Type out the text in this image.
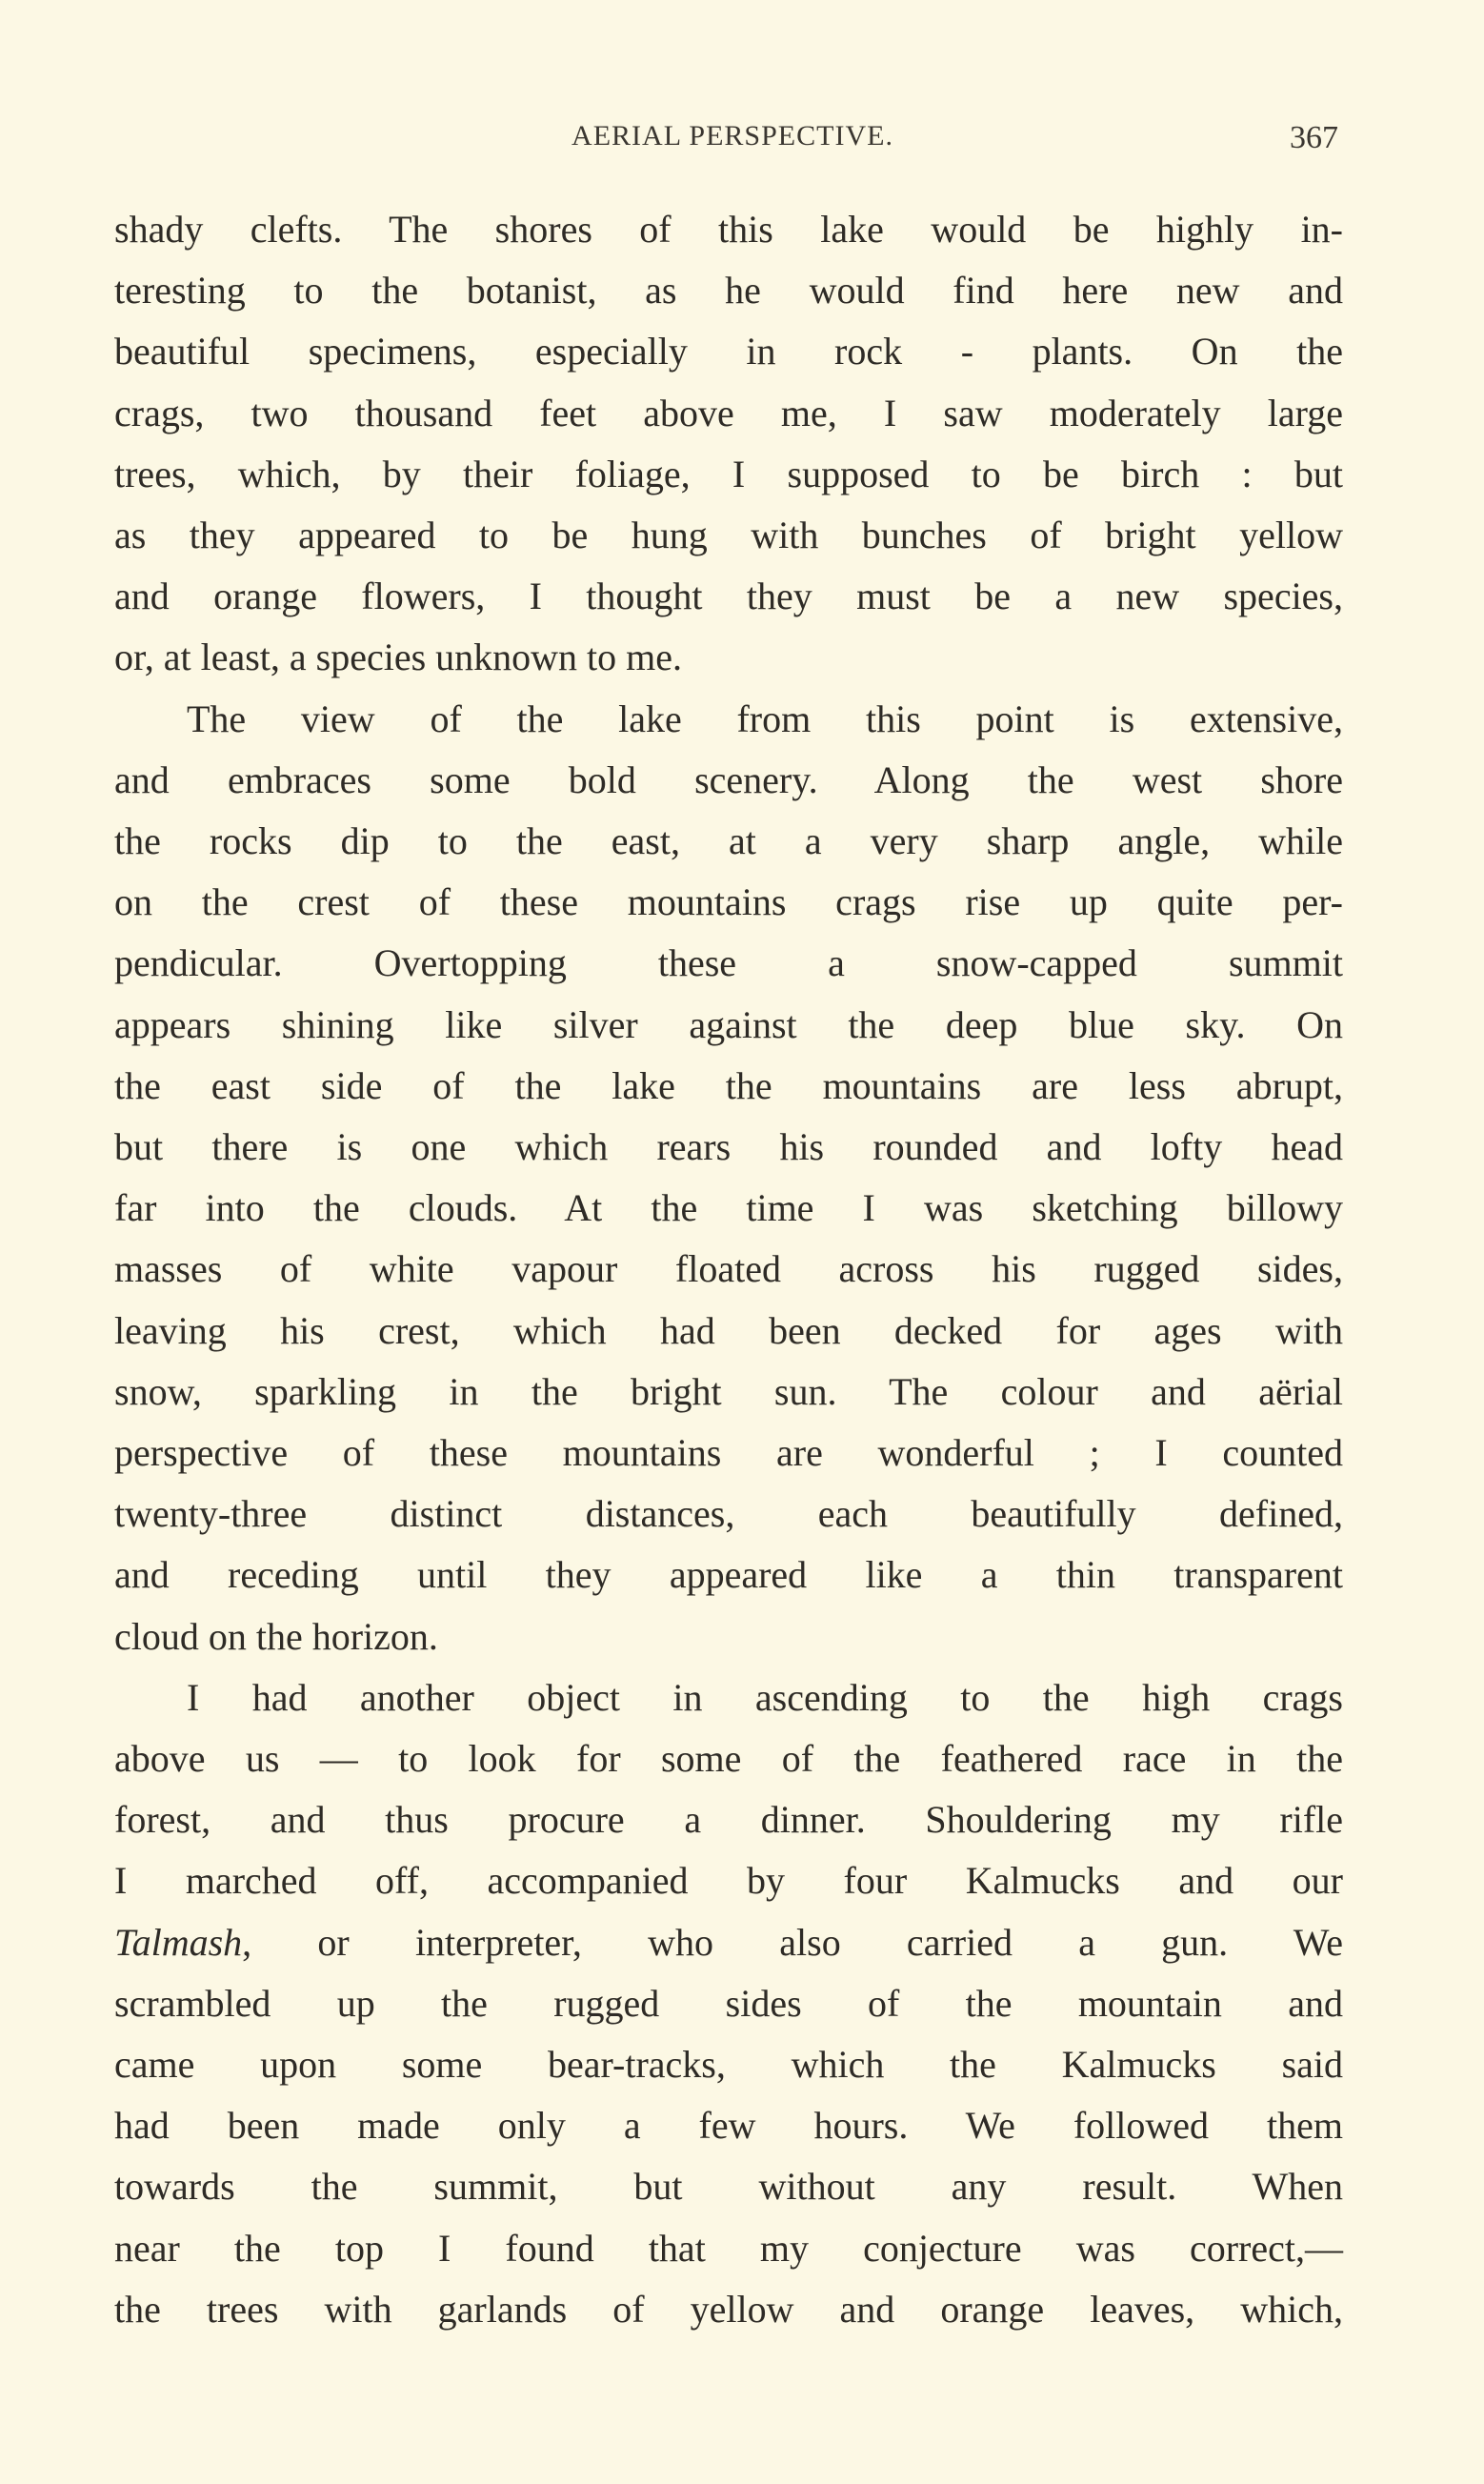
AERIAL PERSPECTIVE.	367
shady clefts. The shores of this lake would be highly in-
teresting to the botanist, as he would find here new and
beautiful specimens, especially in rock - plants. On the
crags, two thousand feet above me, I saw moderately large
trees, which, by their foliage, I supposed to be birch : but
as they appeared to be hung with bunches of bright yellow
and orange flowers, I thought they must be a new species,
or, at least, a species unknown to me.
The view of the lake from this point is extensive,
and embraces some bold scenery. Along the west shore
the rocks dip to the east, at a very sharp angle, while
on the crest of these mountains crags rise up quite per-
pendicular. Overtopping these a snow-capped summit
appears shining like silver against the deep blue sky. On
the east side of the lake the mountains are less abrupt,
but there is one which rears his rounded and lofty head
far into the clouds. At the time I was sketching billowy
masses of white vapour floated across his rugged sides,
leaving his crest, which had been decked for ages with
snow, sparkling in the bright sun. The colour and aërial
perspective of these mountains are wonderful ; I counted
twenty-three distinct distances, each beautifully defined,
and receding until they appeared like a thin transparent
cloud on the horizon.
I had another object in ascending to the high crags
above us — to look for some of the feathered race in the
forest, and thus procure a dinner. Shouldering my rifle
I marched off, accompanied by four Kalmucks and our
Talmash, or interpreter, who also carried a gun. We
scrambled up the rugged sides of the mountain and
came upon some bear-tracks, which the Kalmucks said
had been made only a few hours. We followed them
towards the summit, but without any result. When
near the top I found that my conjecture was correct,—
the trees with garlands of yellow and orange leaves, which,
